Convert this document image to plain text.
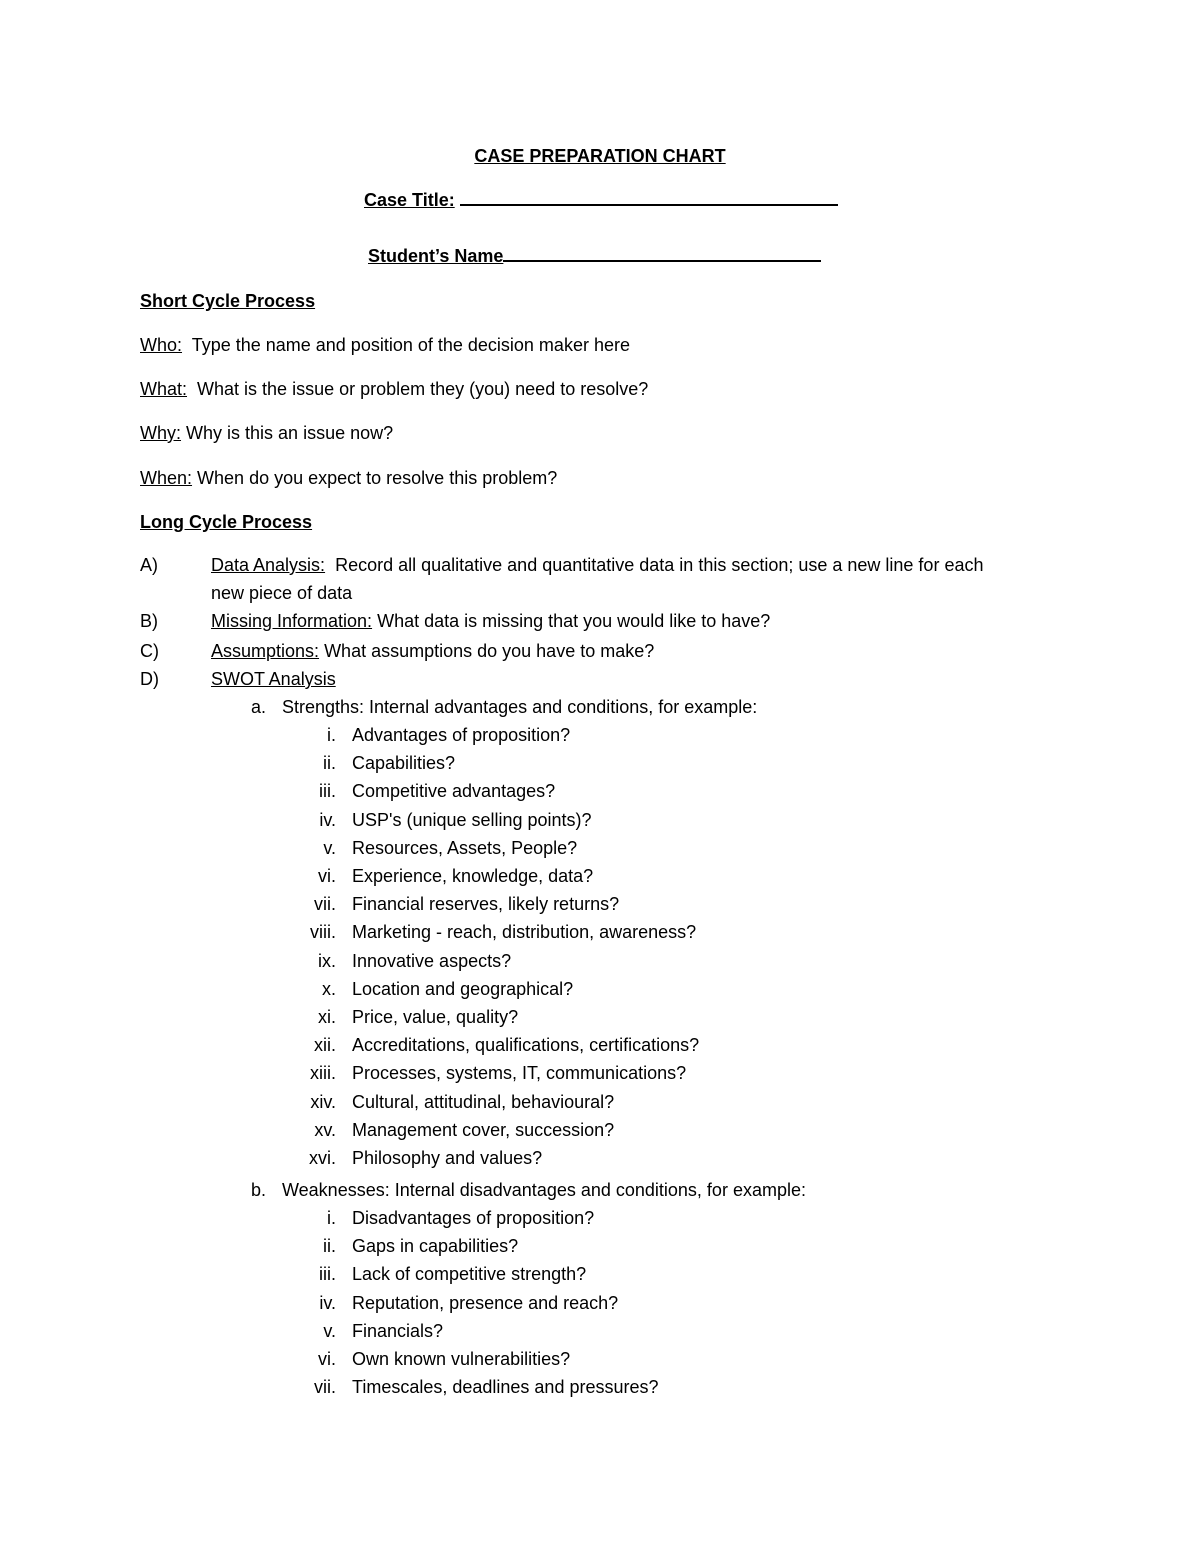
CASE PREPARATION CHART
Case Title:
Student’s Name
Short Cycle Process
Who: Type the name and position of the decision maker here
What: What is the issue or problem they (you) need to resolve?
Why: Why is this an issue now?
When: When do you expect to resolve this problem?
Long Cycle Process
A)	Data Analysis: Record all qualitative and quantitative data in this section; use a new line for each
new piece of data
B)	Missing Information: What data is missing that you would like to have?
C)	Assumptions: What assumptions do you have to make?
D)	SWOT Analysis
a. Strengths: Internal advantages and conditions, for example:
i. Advantages of proposition?
ii. Capabilities?
iii. Competitive advantages?
iv. USP's (unique selling points)?
v. Resources, Assets, People?
vi. Experience, knowledge, data?
vii. Financial reserves, likely returns?
viii. Marketing - reach, distribution, awareness?
ix. Innovative aspects?
x. Location and geographical?
xi. Price, value, quality?
xii. Accreditations, qualifications, certifications?
xiii. Processes, systems, IT, communications?
xiv. Cultural, attitudinal, behavioural?
xv. Management cover, succession?
xvi. Philosophy and values?
b. Weaknesses: Internal disadvantages and conditions, for example:
i. Disadvantages of proposition?
ii. Gaps in capabilities?
iii. Lack of competitive strength?
iv. Reputation, presence and reach?
v. Financials?
vi. Own known vulnerabilities?
vii. Timescales, deadlines and pressures?
